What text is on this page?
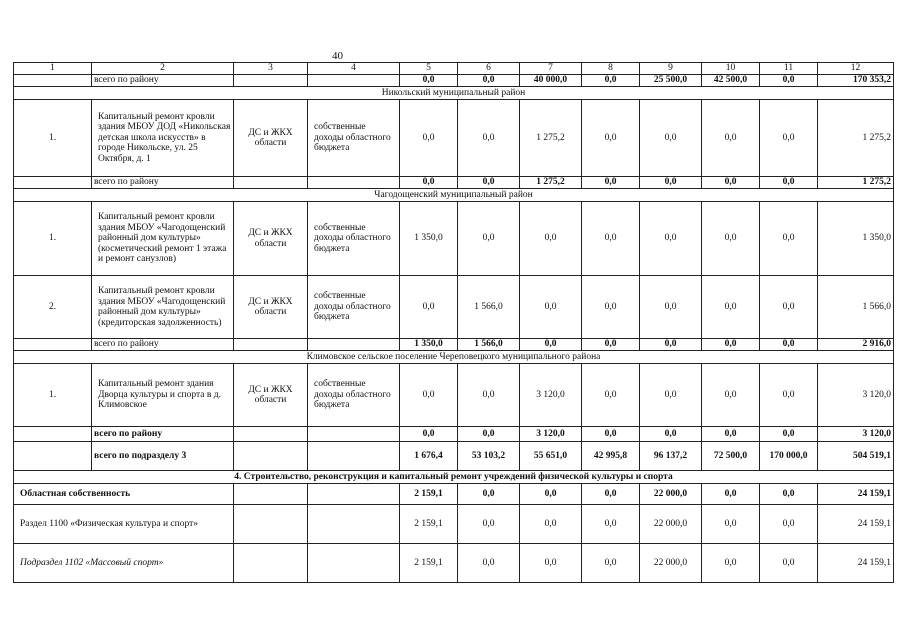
40
1	2	3	4	5	6	7	8	9	10	11	12
	всего по району			0,0	0,0	40 000,0	0,0	25 500,0	42 500,0	0,0	170 353,2
Никольский муниципальный район											
1.	Капитальный ремонт кровли здания МБОУ ДОД «Никольская детская школа искусств» в городе Никольске, ул. 25 Октября, д. 1	ДС и ЖКХ области	собственные доходы областного бюджета	0,0	0,0	1 275,2	0,0	0,0	0,0	0,0	1 275,2
	всего по району			0,0	0,0	1 275,2	0,0	0,0	0,0	0,0	1 275,2
Чагодощенский муниципальный район											
1.	Капитальный ремонт кровли здания МБОУ «Чагодощенский районный дом культуры» (косметический ремонт 1 этажа и ремонт санузлов)	ДС и ЖКХ области	собственные доходы областного бюджета	1 350,0	0,0	0,0	0,0	0,0	0,0	0,0	1 350,0
2.	Капитальный ремонт кровли здания МБОУ «Чагодощенский районный дом культуры» (кредиторская задолженность)	ДС и ЖКХ области	собственные доходы областного бюджета	0,0	1 566,0	0,0	0,0	0,0	0,0	0,0	1 566,0
	всего по району			1 350,0	1 566,0	0,0	0,0	0,0	0,0	0,0	2 916,0
Климовское сельское поселение Череповецкого муниципального района											
1.	Капитальный ремонт здания Дворца культуры и спорта в д. Климовское	ДС и ЖКХ области	собственные доходы областного бюджета	0,0	0,0	3 120,0	0,0	0,0	0,0	0,0	3 120,0
	всего по району			0,0	0,0	3 120,0	0,0	0,0	0,0	0,0	3 120,0
	всего по подразделу 3			1 676,4	53 103,2	55 651,0	42 995,8	96 137,2	72 500,0	170 000,0	504 519,1
4. Строительство, реконструкция и капитальный ремонт учреждений физической культуры и спорта											
Областная собственность				2 159,1	0,0	0,0	0,0	22 000,0	0,0	0,0	24 159,1
Раздел 1100 «Физическая культура и спорт»				2 159,1	0,0	0,0	0,0	22 000,0	0,0	0,0	24 159,1
Подраздел 1102 «Массовый спорт»				2 159,1	0,0	0,0	0,0	22 000,0	0,0	0,0	24 159,1
